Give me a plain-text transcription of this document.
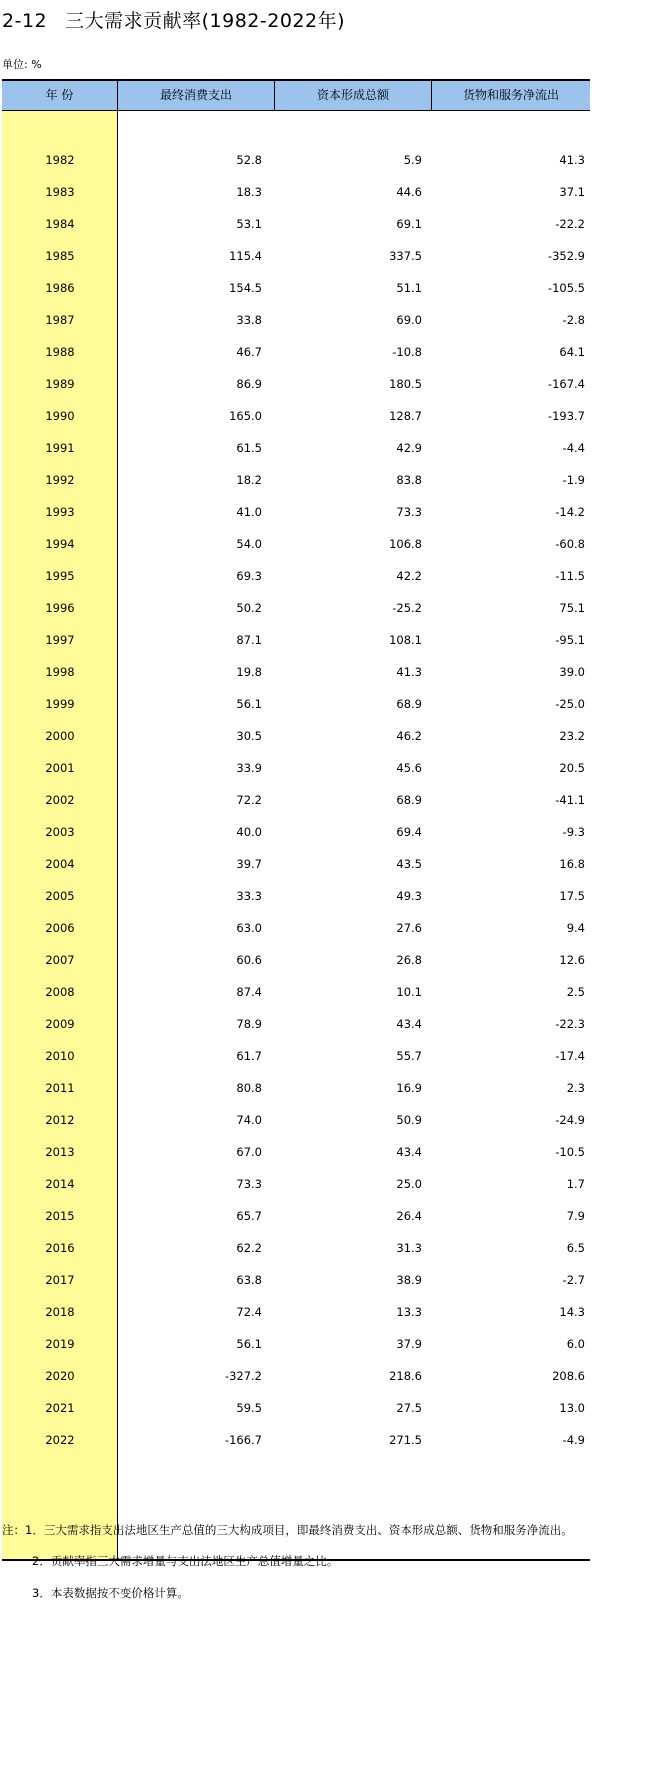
2-12 三大需求贡献率(1982-2022年)
单位: %
年 份	最终消费支出	资本形成总额	货物和服务净流出
1982	52.8	5.9	41.3
1983	18.3	44.6	37.1
1984	53.1	69.1	-22.2
1985	115.4	337.5	-352.9
1986	154.5	51.1	-105.5
1987	33.8	69.0	-2.8
1988	46.7	-10.8	64.1
1989	86.9	180.5	-167.4
1990	165.0	128.7	-193.7
1991	61.5	42.9	-4.4
1992	18.2	83.8	-1.9
1993	41.0	73.3	-14.2
1994	54.0	106.8	-60.8
1995	69.3	42.2	-11.5
1996	50.2	-25.2	75.1
1997	87.1	108.1	-95.1
1998	19.8	41.3	39.0
1999	56.1	68.9	-25.0
2000	30.5	46.2	23.2
2001	33.9	45.6	20.5
2002	72.2	68.9	-41.1
2003	40.0	69.4	-9.3
2004	39.7	43.5	16.8
2005	33.3	49.3	17.5
2006	63.0	27.6	9.4
2007	60.6	26.8	12.6
2008	87.4	10.1	2.5
2009	78.9	43.4	-22.3
2010	61.7	55.7	-17.4
2011	80.8	16.9	2.3
2012	74.0	50.9	-24.9
2013	67.0	43.4	-10.5
2014	73.3	25.0	1.7
2015	65.7	26.4	7.9
2016	62.2	31.3	6.5
2017	63.8	38.9	-2.7
2018	72.4	13.3	14.3
2019	56.1	37.9	6.0
2020	-327.2	218.6	208.6
2021	59.5	27.5	13.0
2022	-166.7	271.5	-4.9
注：1．三大需求指支出法地区生产总值的三大构成项目，即最终消费支出、资本形成总额、货物和服务净流出。
2．贡献率指三大需求增量与支出法地区生产总值增量之比。
3．本表数据按不变价格计算。
